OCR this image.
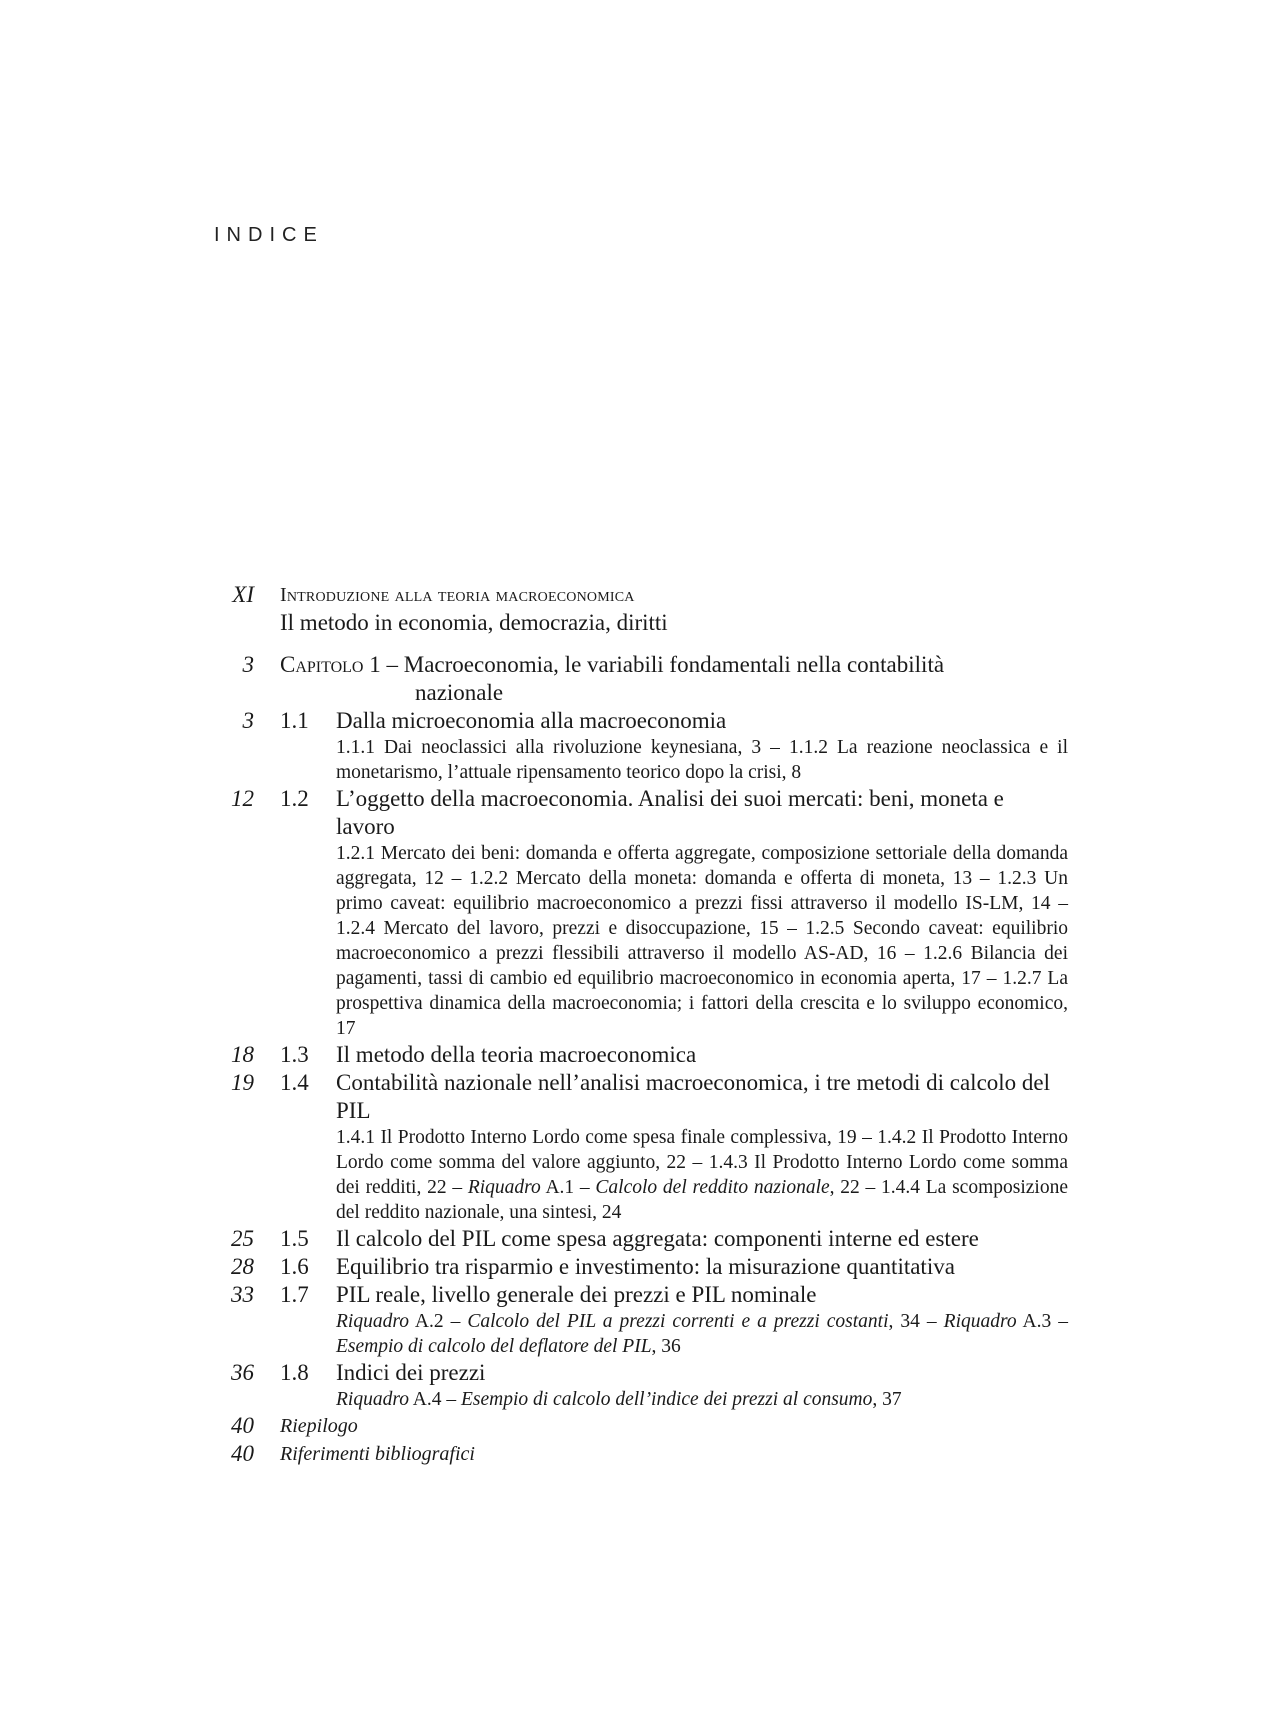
INDICE
XI Introduzione alla teoria macroeconomica
Il metodo in economia, democrazia, diritti
3 Capitolo 1 – Macroeconomia, le variabili fondamentali nella contabilità
nazionale
3 1.1 Dalla microeconomia alla macroeconomia
1.1.1 Dai neoclassici alla rivoluzione keynesiana, 3 – 1.1.2 La reazione neoclassica e il monetarismo, l’attuale ripensamento teorico dopo la crisi, 8
12 1.2 L’oggetto della macroeconomia. Analisi dei suoi mercati: beni, moneta e lavoro
1.2.1 Mercato dei beni: domanda e offerta aggregate, composizione settoriale della domanda aggregata, 12 – 1.2.2 Mercato della moneta: domanda e offerta di moneta, 13 – 1.2.3 Un primo caveat: equilibrio macroeconomico a prezzi fissi attraverso il modello IS-LM, 14 – 1.2.4 Mercato del lavoro, prezzi e disoccupazione, 15 – 1.2.5 Secondo caveat: equilibrio macroeconomico a prezzi flessibili attraverso il modello AS-AD, 16 – 1.2.6 Bilancia dei pagamenti, tassi di cambio ed equilibrio macroeconomico in economia aperta, 17 – 1.2.7 La prospettiva dinamica della macroeconomia; i fattori della crescita e lo sviluppo economico, 17
18 1.3 Il metodo della teoria macroeconomica
19 1.4 Contabilità nazionale nell’analisi macroeconomica, i tre metodi di calcolo del PIL
1.4.1 Il Prodotto Interno Lordo come spesa finale complessiva, 19 – 1.4.2 Il Prodotto Interno Lordo come somma del valore aggiunto, 22 – 1.4.3 Il Prodotto Interno Lordo come somma dei redditi, 22 – Riquadro A.1 – Calcolo del reddito nazionale, 22 – 1.4.4 La scomposizione del reddito nazionale, una sintesi, 24
25 1.5 Il calcolo del PIL come spesa aggregata: componenti interne ed estere
28 1.6 Equilibrio tra risparmio e investimento: la misurazione quantitativa
33 1.7 PIL reale, livello generale dei prezzi e PIL nominale
Riquadro A.2 – Calcolo del PIL a prezzi correnti e a prezzi costanti, 34 – Riquadro A.3 – Esempio di calcolo del deflatore del PIL, 36
36 1.8 Indici dei prezzi
Riquadro A.4 – Esempio di calcolo dell’indice dei prezzi al consumo, 37
40 Riepilogo
40 Riferimenti bibliografici
